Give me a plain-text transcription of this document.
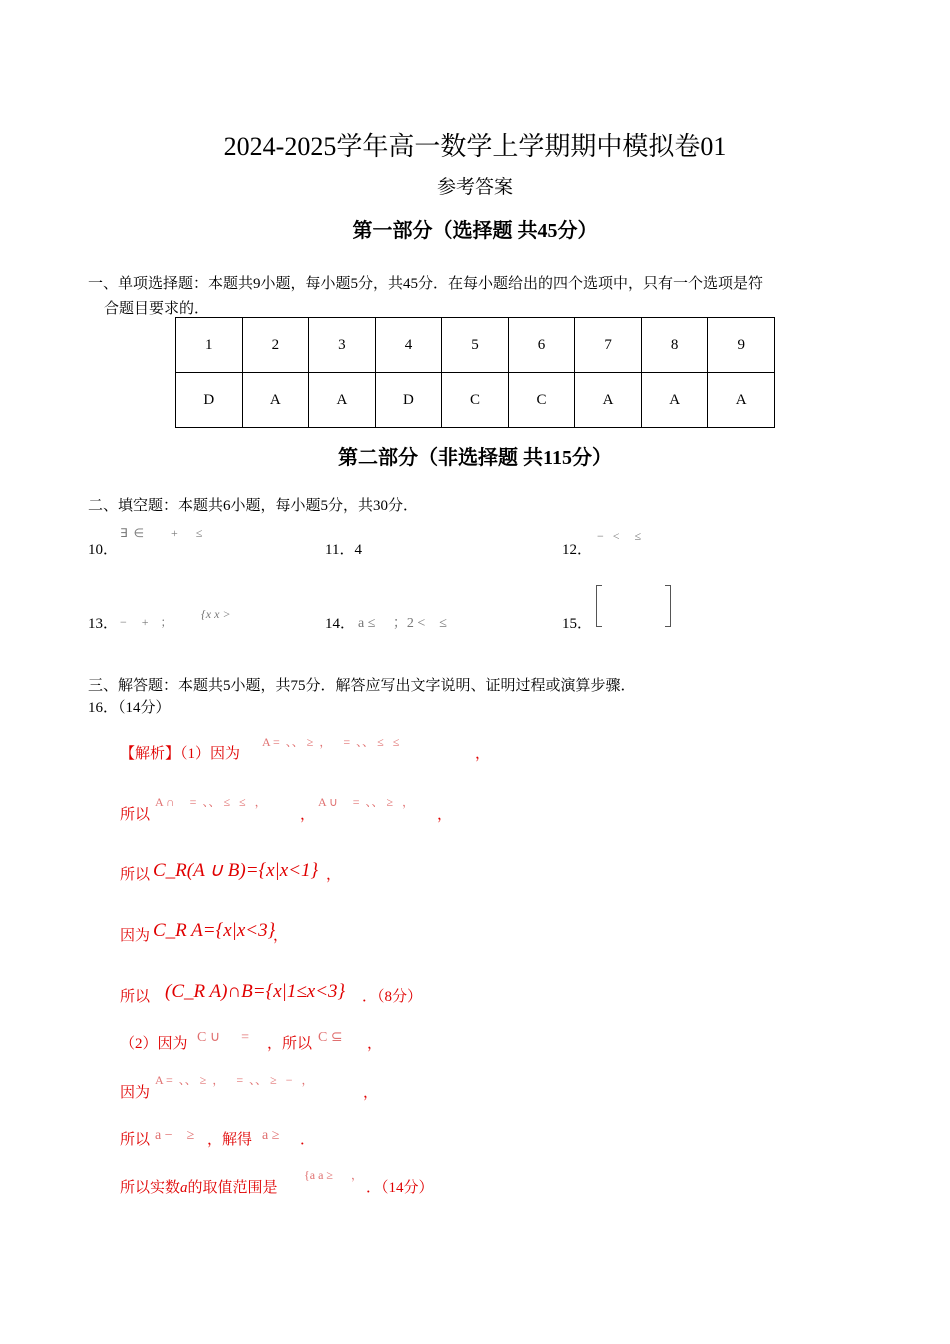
2024-2025学年高一数学上学期期中模拟卷01
参考答案
第一部分（选择题 共45分）
一、单项选择题：本题共9小题，每小题5分，共45分．在每小题给出的四个选项中，只有一个选项是符
合题目要求的．
1	2	3	4	5	6	7	8	9
D	A	A	D	C	C	A	A	A
第二部分（非选择题 共115分）
二、填空题：本题共6小题，每小题5分，共30分．
10．
∃  ∈         +      ≤
11．4	12．
−   <     ≤
13． −     +    ；
{x x >
14． a ≤     ；2 <    ≤	15．
三、解答题：本题共5小题，共75分．解答应写出文字说明、证明过程或演算步骤．
16．（14分）
【解析】（1）因为
A =  、、 ≥  ，    =  、、 ≤   ≤
，
所以
A ∩     =  、、 ≤   ≤   ，
，
A ∪     =  、、 ≥   ，
，
所以 C_R(A ∪ B)={x|x<1} ，
因为 C_R A={x|x<3}
，
所以 (C_R A)∩B={x|1≤x<3} ．（8分）
（2）因为 C ∪      = ，所以 C ⊆ ，
因为
A =  、、 ≥  ，    =  、、 ≥   −   ，
，
所以 a −    ≥ ，解得 a ≥ ．
所以实数a的取值范围是
{a a ≥      ，
．（14分）
